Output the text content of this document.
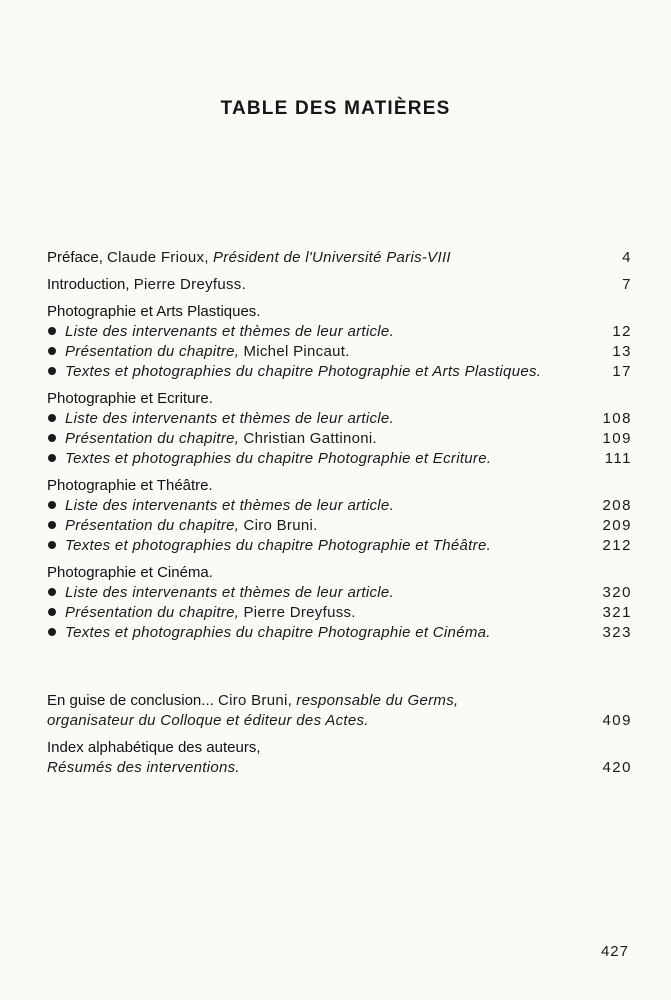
TABLE DES MATIÈRES
Préface, Claude Frioux, Président de l'Université Paris-VIII	4
Introduction, Pierre Dreyfuss.	7
Photographie et Arts Plastiques.
Liste des intervenants et thèmes de leur article.	12
Présentation du chapitre, Michel Pincaut.	13
Textes et photographies du chapitre Photographie et Arts Plastiques.	17
Photographie et Ecriture.
Liste des intervenants et thèmes de leur article.	108
Présentation du chapitre, Christian Gattinoni.	109
Textes et photographies du chapitre Photographie et Ecriture.	111
Photographie et Théâtre.
Liste des intervenants et thèmes de leur article.	208
Présentation du chapitre, Ciro Bruni.	209
Textes et photographies du chapitre Photographie et Théâtre.	212
Photographie et Cinéma.
Liste des intervenants et thèmes de leur article.	320
Présentation du chapitre, Pierre Dreyfuss.	321
Textes et photographies du chapitre Photographie et Cinéma.	323
En guise de conclusion... Ciro Bruni, responsable du Germs,
organisateur du Colloque et éditeur des Actes.	409
Index alphabétique des auteurs,
Résumés des interventions.	420
427
